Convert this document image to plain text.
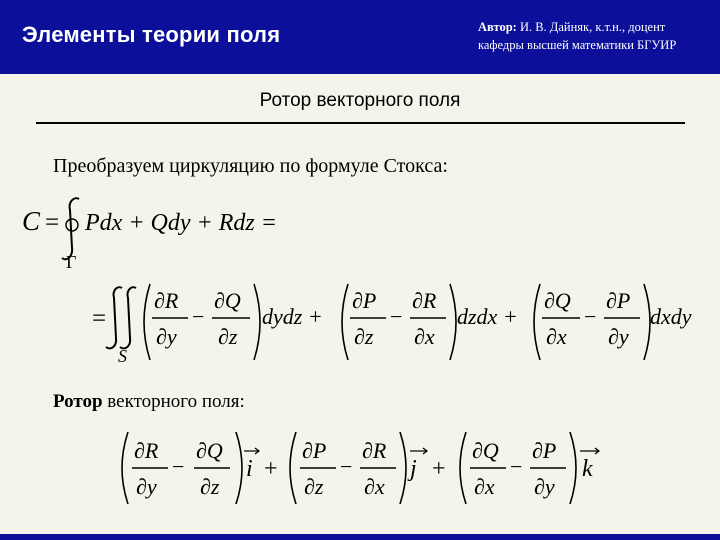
Элементы теории поля	Автор: И. В. Дайняк, к.т.н., доцент
кафедры высшей математики БГУИР
Ротор векторного поля
Преобразуем циркуляцию по формуле Стокса:
C = Pdx + Qdy + Rdz =
Γ
=
S
∂R
∂y
−
∂Q
∂z
dydz +
∂P
∂z
−
∂R
∂x
dzdx +
∂Q
∂x
−
∂P
∂y
dxdy
∂R
∂y
−
∂Q
∂z
i +
∂P
∂z
−
∂R
∂x
j +
∂Q
∂x
−
∂P
∂y
k
Ротор векторного поля:
